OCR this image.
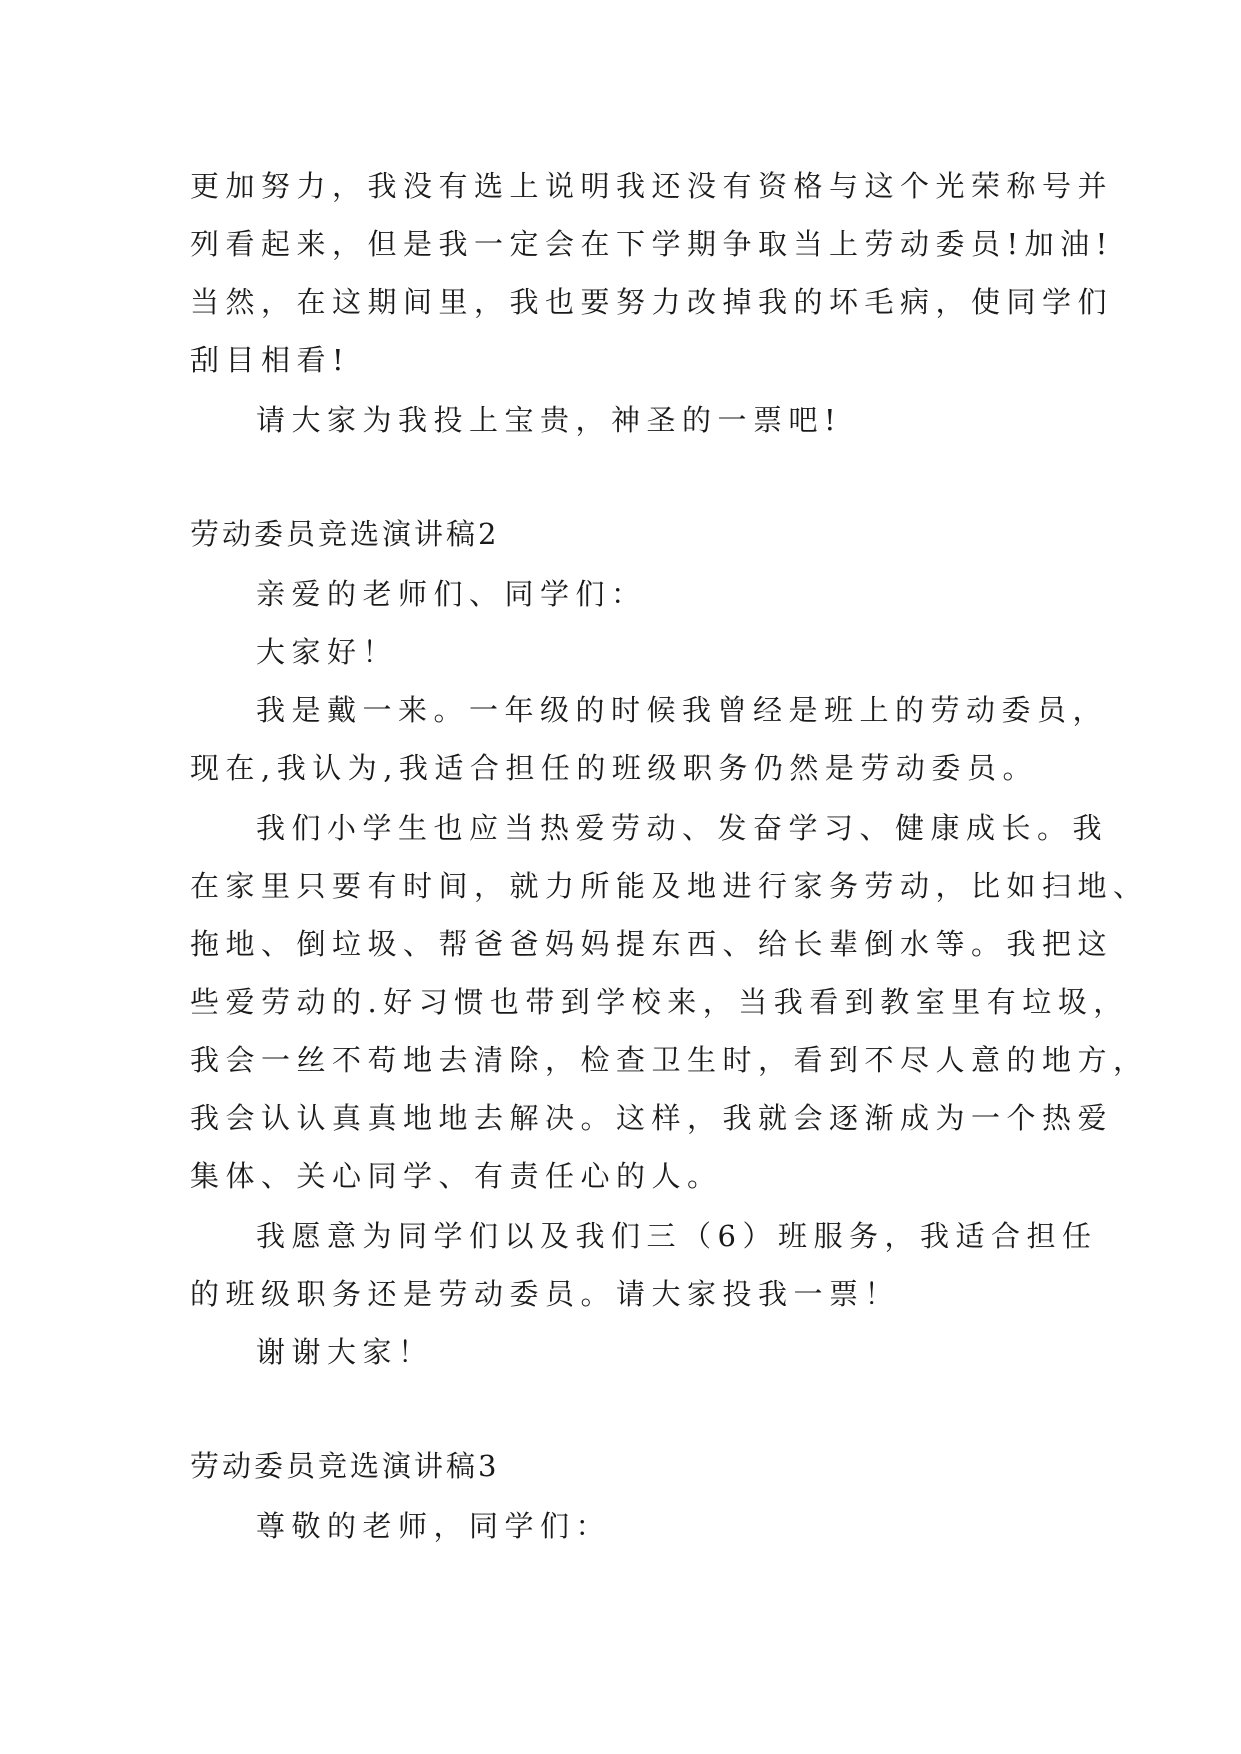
更加努力，我没有选上说明我还没有资格与这个光荣称号并

列看起来，但是我一定会在下学期争取当上劳动委员!加油!

当然，在这期间里，我也要努力改掉我的坏毛病，使同学们

刮目相看!

请大家为我投上宝贵，神圣的一票吧!

劳动委员竞选演讲稿2

亲爱的老师们、同学们：

大家好！

我是戴一来。一年级的时候我曾经是班上的劳动委员，

现在,我认为,我适合担任的班级职务仍然是劳动委员。

我们小学生也应当热爱劳动、发奋学习、健康成长。我

在家里只要有时间，就力所能及地进行家务劳动，比如扫地、

拖地、倒垃圾、帮爸爸妈妈提东西、给长辈倒水等。我把这

些爱劳动的.好习惯也带到学校来，当我看到教室里有垃圾，

我会一丝不苟地去清除，检查卫生时，看到不尽人意的地方，

我会认认真真地地去解决。这样，我就会逐渐成为一个热爱

集体、关心同学、有责任心的人。

我愿意为同学们以及我们三（6）班服务，我适合担任

的班级职务还是劳动委员。请大家投我一票！

谢谢大家！

劳动委员竞选演讲稿3

尊敬的老师，同学们：
